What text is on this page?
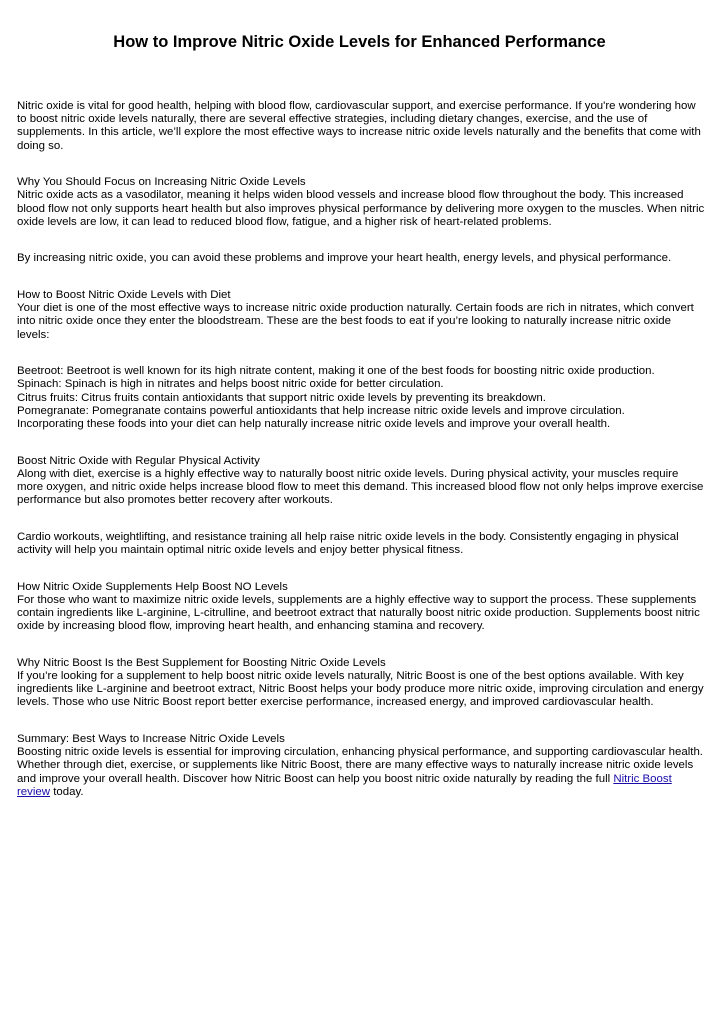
How to Improve Nitric Oxide Levels for Enhanced Performance

Nitric oxide is vital for good health, helping with blood flow, cardiovascular support, and exercise performance. If you're wondering how to boost nitric oxide levels naturally, there are several effective strategies, including dietary changes, exercise, and the use of supplements. In this article, we’ll explore the most effective ways to increase nitric oxide levels naturally and the benefits that come with doing so.

Why You Should Focus on Increasing Nitric Oxide Levels

Nitric oxide acts as a vasodilator, meaning it helps widen blood vessels and increase blood flow throughout the body. This increased blood flow not only supports heart health but also improves physical performance by delivering more oxygen to the muscles. When nitric oxide levels are low, it can lead to reduced blood flow, fatigue, and a higher risk of heart-related problems.

By increasing nitric oxide, you can avoid these problems and improve your heart health, energy levels, and physical performance.

How to Boost Nitric Oxide Levels with Diet

Your diet is one of the most effective ways to increase nitric oxide production naturally. Certain foods are rich in nitrates, which convert into nitric oxide once they enter the bloodstream. These are the best foods to eat if you’re looking to naturally increase nitric oxide levels:

Beetroot: Beetroot is well known for its high nitrate content, making it one of the best foods for boosting nitric oxide production.

Spinach: Spinach is high in nitrates and helps boost nitric oxide for better circulation.

Citrus fruits: Citrus fruits contain antioxidants that support nitric oxide levels by preventing its breakdown.

Pomegranate: Pomegranate contains powerful antioxidants that help increase nitric oxide levels and improve circulation.

Incorporating these foods into your diet can help naturally increase nitric oxide levels and improve your overall health.

Boost Nitric Oxide with Regular Physical Activity

Along with diet, exercise is a highly effective way to naturally boost nitric oxide levels. During physical activity, your muscles require more oxygen, and nitric oxide helps increase blood flow to meet this demand. This increased blood flow not only helps improve exercise performance but also promotes better recovery after workouts.

Cardio workouts, weightlifting, and resistance training all help raise nitric oxide levels in the body. Consistently engaging in physical activity will help you maintain optimal nitric oxide levels and enjoy better physical fitness.

How Nitric Oxide Supplements Help Boost NO Levels

For those who want to maximize nitric oxide levels, supplements are a highly effective way to support the process. These supplements contain ingredients like L-arginine, L-citrulline, and beetroot extract that naturally boost nitric oxide production. Supplements boost nitric oxide by increasing blood flow, improving heart health, and enhancing stamina and recovery.

Why Nitric Boost Is the Best Supplement for Boosting Nitric Oxide Levels

If you’re looking for a supplement to help boost nitric oxide levels naturally, Nitric Boost is one of the best options available. With key ingredients like L-arginine and beetroot extract, Nitric Boost helps your body produce more nitric oxide, improving circulation and energy levels. Those who use Nitric Boost report better exercise performance, increased energy, and improved cardiovascular health.

Summary: Best Ways to Increase Nitric Oxide Levels

Boosting nitric oxide levels is essential for improving circulation, enhancing physical performance, and supporting cardiovascular health. Whether through diet, exercise, or supplements like Nitric Boost, there are many effective ways to naturally increase nitric oxide levels and improve your overall health. Discover how Nitric Boost can help you boost nitric oxide naturally by reading the full Nitric Boost review today.
